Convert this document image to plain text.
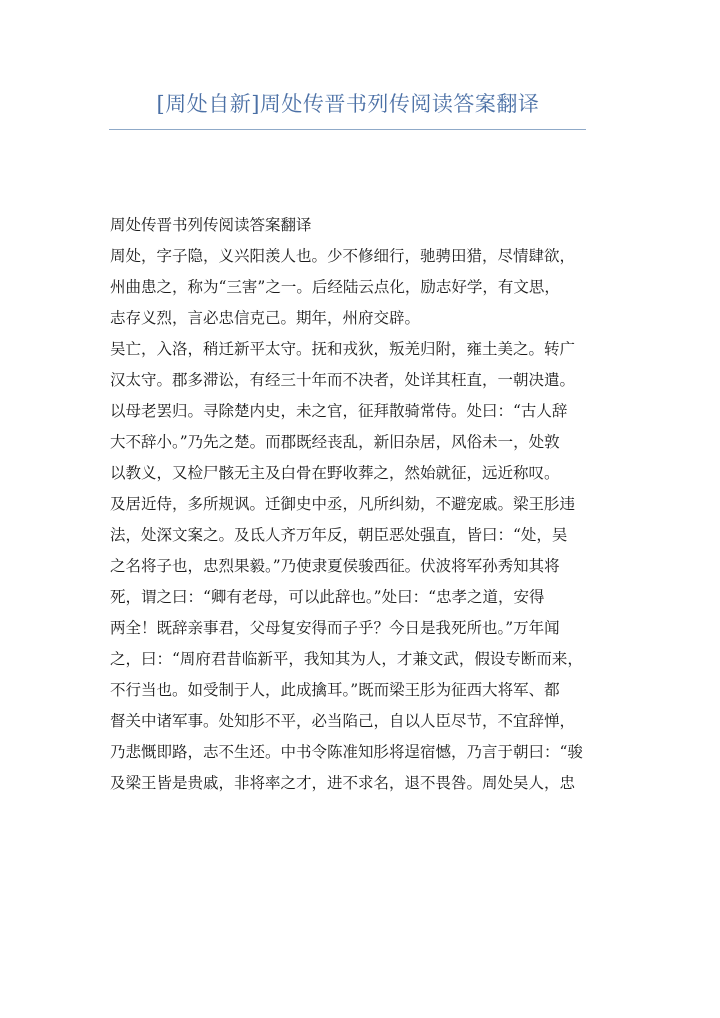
[周处自新]周处传晋书列传阅读答案翻译
周处传晋书列传阅读答案翻译
周处，字子隐，义兴阳羡人也。少不修细行，驰骋田猎，尽情肆欲，
州曲患之，称为“三害”之一。后经陆云点化，励志好学，有文思，
志存义烈，言必忠信克己。期年，州府交辟。
吴亡，入洛，稍迁新平太守。抚和戎狄，叛羌归附，雍土美之。转广
汉太守。郡多滞讼，有经三十年而不决者，处详其枉直，一朝决遣。
以母老罢归。寻除楚内史，未之官，征拜散骑常侍。处曰：“古人辞
大不辞小。”乃先之楚。而郡既经丧乱，新旧杂居，风俗未一，处敦
以教义，又检尸骸无主及白骨在野收葬之，然始就征，远近称叹。
及居近侍，多所规讽。迁御史中丞，凡所纠劾，不避宠戚。梁王肜违
法，处深文案之。及氐人齐万年反，朝臣恶处强直，皆曰：“处，吴
之名将子也，忠烈果毅。”乃使隶夏侯骏西征。伏波将军孙秀知其将
死，谓之曰：“卿有老母，可以此辞也。”处曰：“忠孝之道，安得
两全！既辞亲事君，父母复安得而子乎？今日是我死所也。”万年闻
之，曰：“周府君昔临新平，我知其为人，才兼文武，假设专断而来，
不行当也。如受制于人，此成擒耳。”既而梁王肜为征西大将军、都
督关中诸军事。处知肜不平，必当陷己，自以人臣尽节，不宜辞惮，
乃悲慨即路，志不生还。中书令陈准知肜将逞宿憾，乃言于朝曰：“骏
及梁王皆是贵戚，非将率之才，进不求名，退不畏咎。周处吴人，忠
